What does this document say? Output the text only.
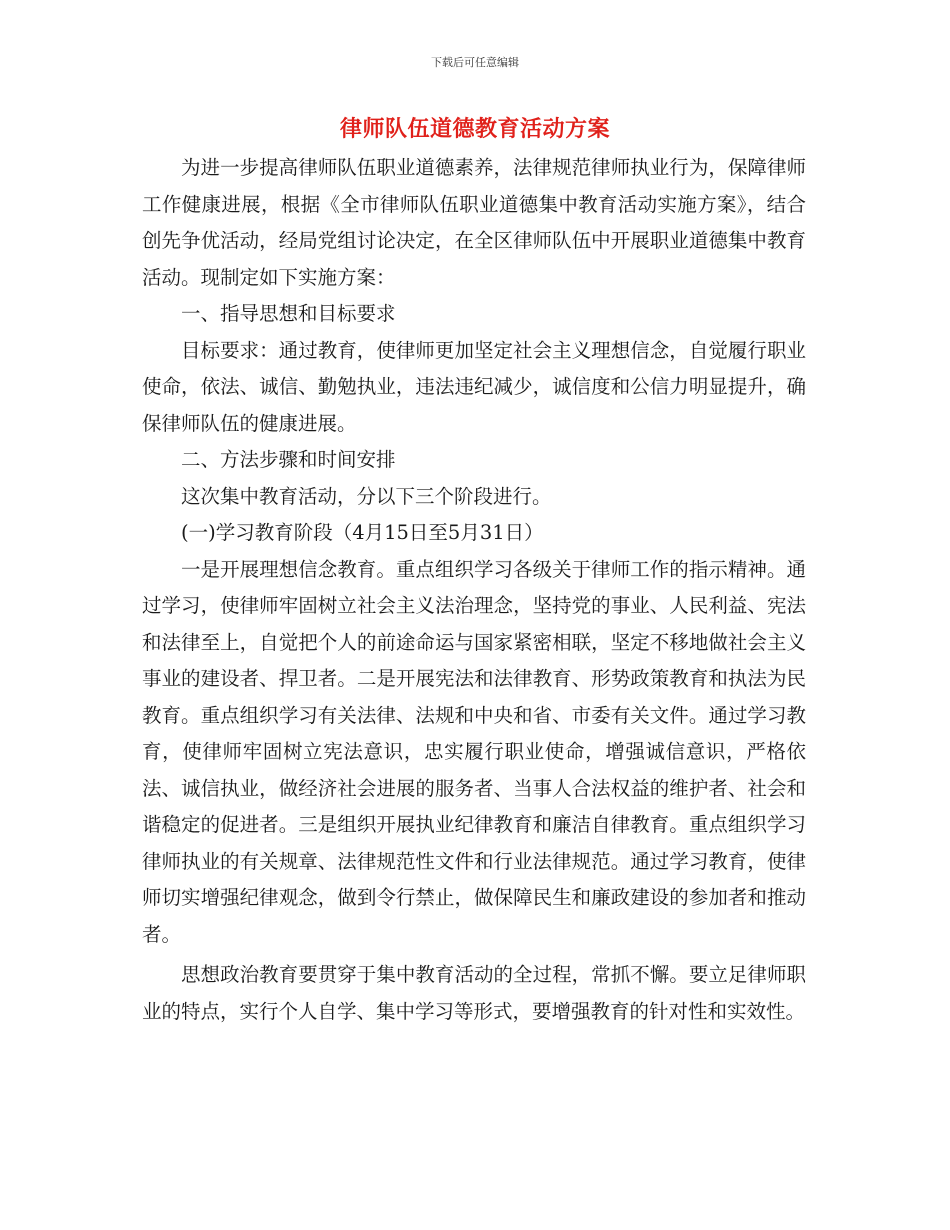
下载后可任意编辑
律师队伍道德教育活动方案

为进一步提高律师队伍职业道德素养，法律规范律师执业行为，保障律师工作健康进展，根据《全市律师队伍职业道德集中教育活动实施方案》，结合创先争优活动，经局党组讨论决定，在全区律师队伍中开展职业道德集中教育活动。现制定如下实施方案：

一、指导思想和目标要求

目标要求：通过教育，使律师更加坚定社会主义理想信念，自觉履行职业使命，依法、诚信、勤勉执业，违法违纪减少，诚信度和公信力明显提升，确保律师队伍的健康进展。

二、方法步骤和时间安排

这次集中教育活动，分以下三个阶段进行。

(一)学习教育阶段（4月15日至5月31日）

一是开展理想信念教育。重点组织学习各级关于律师工作的指示精神。通过学习，使律师牢固树立社会主义法治理念，坚持党的事业、人民利益、宪法和法律至上，自觉把个人的前途命运与国家紧密相联，坚定不移地做社会主义事业的建设者、捍卫者。二是开展宪法和法律教育、形势政策教育和执法为民教育。重点组织学习有关法律、法规和中央和省、市委有关文件。通过学习教育，使律师牢固树立宪法意识，忠实履行职业使命，增强诚信意识，严格依法、诚信执业，做经济社会进展的服务者、当事人合法权益的维护者、社会和谐稳定的促进者。三是组织开展执业纪律教育和廉洁自律教育。重点组织学习律师执业的有关规章、法律规范性文件和行业法律规范。通过学习教育，使律师切实增强纪律观念，做到令行禁止，做保障民生和廉政建设的参加者和推动者。

思想政治教育要贯穿于集中教育活动的全过程，常抓不懈。要立足律师职业的特点，实行个人自学、集中学习等形式，要增强教育的针对性和实效性。
